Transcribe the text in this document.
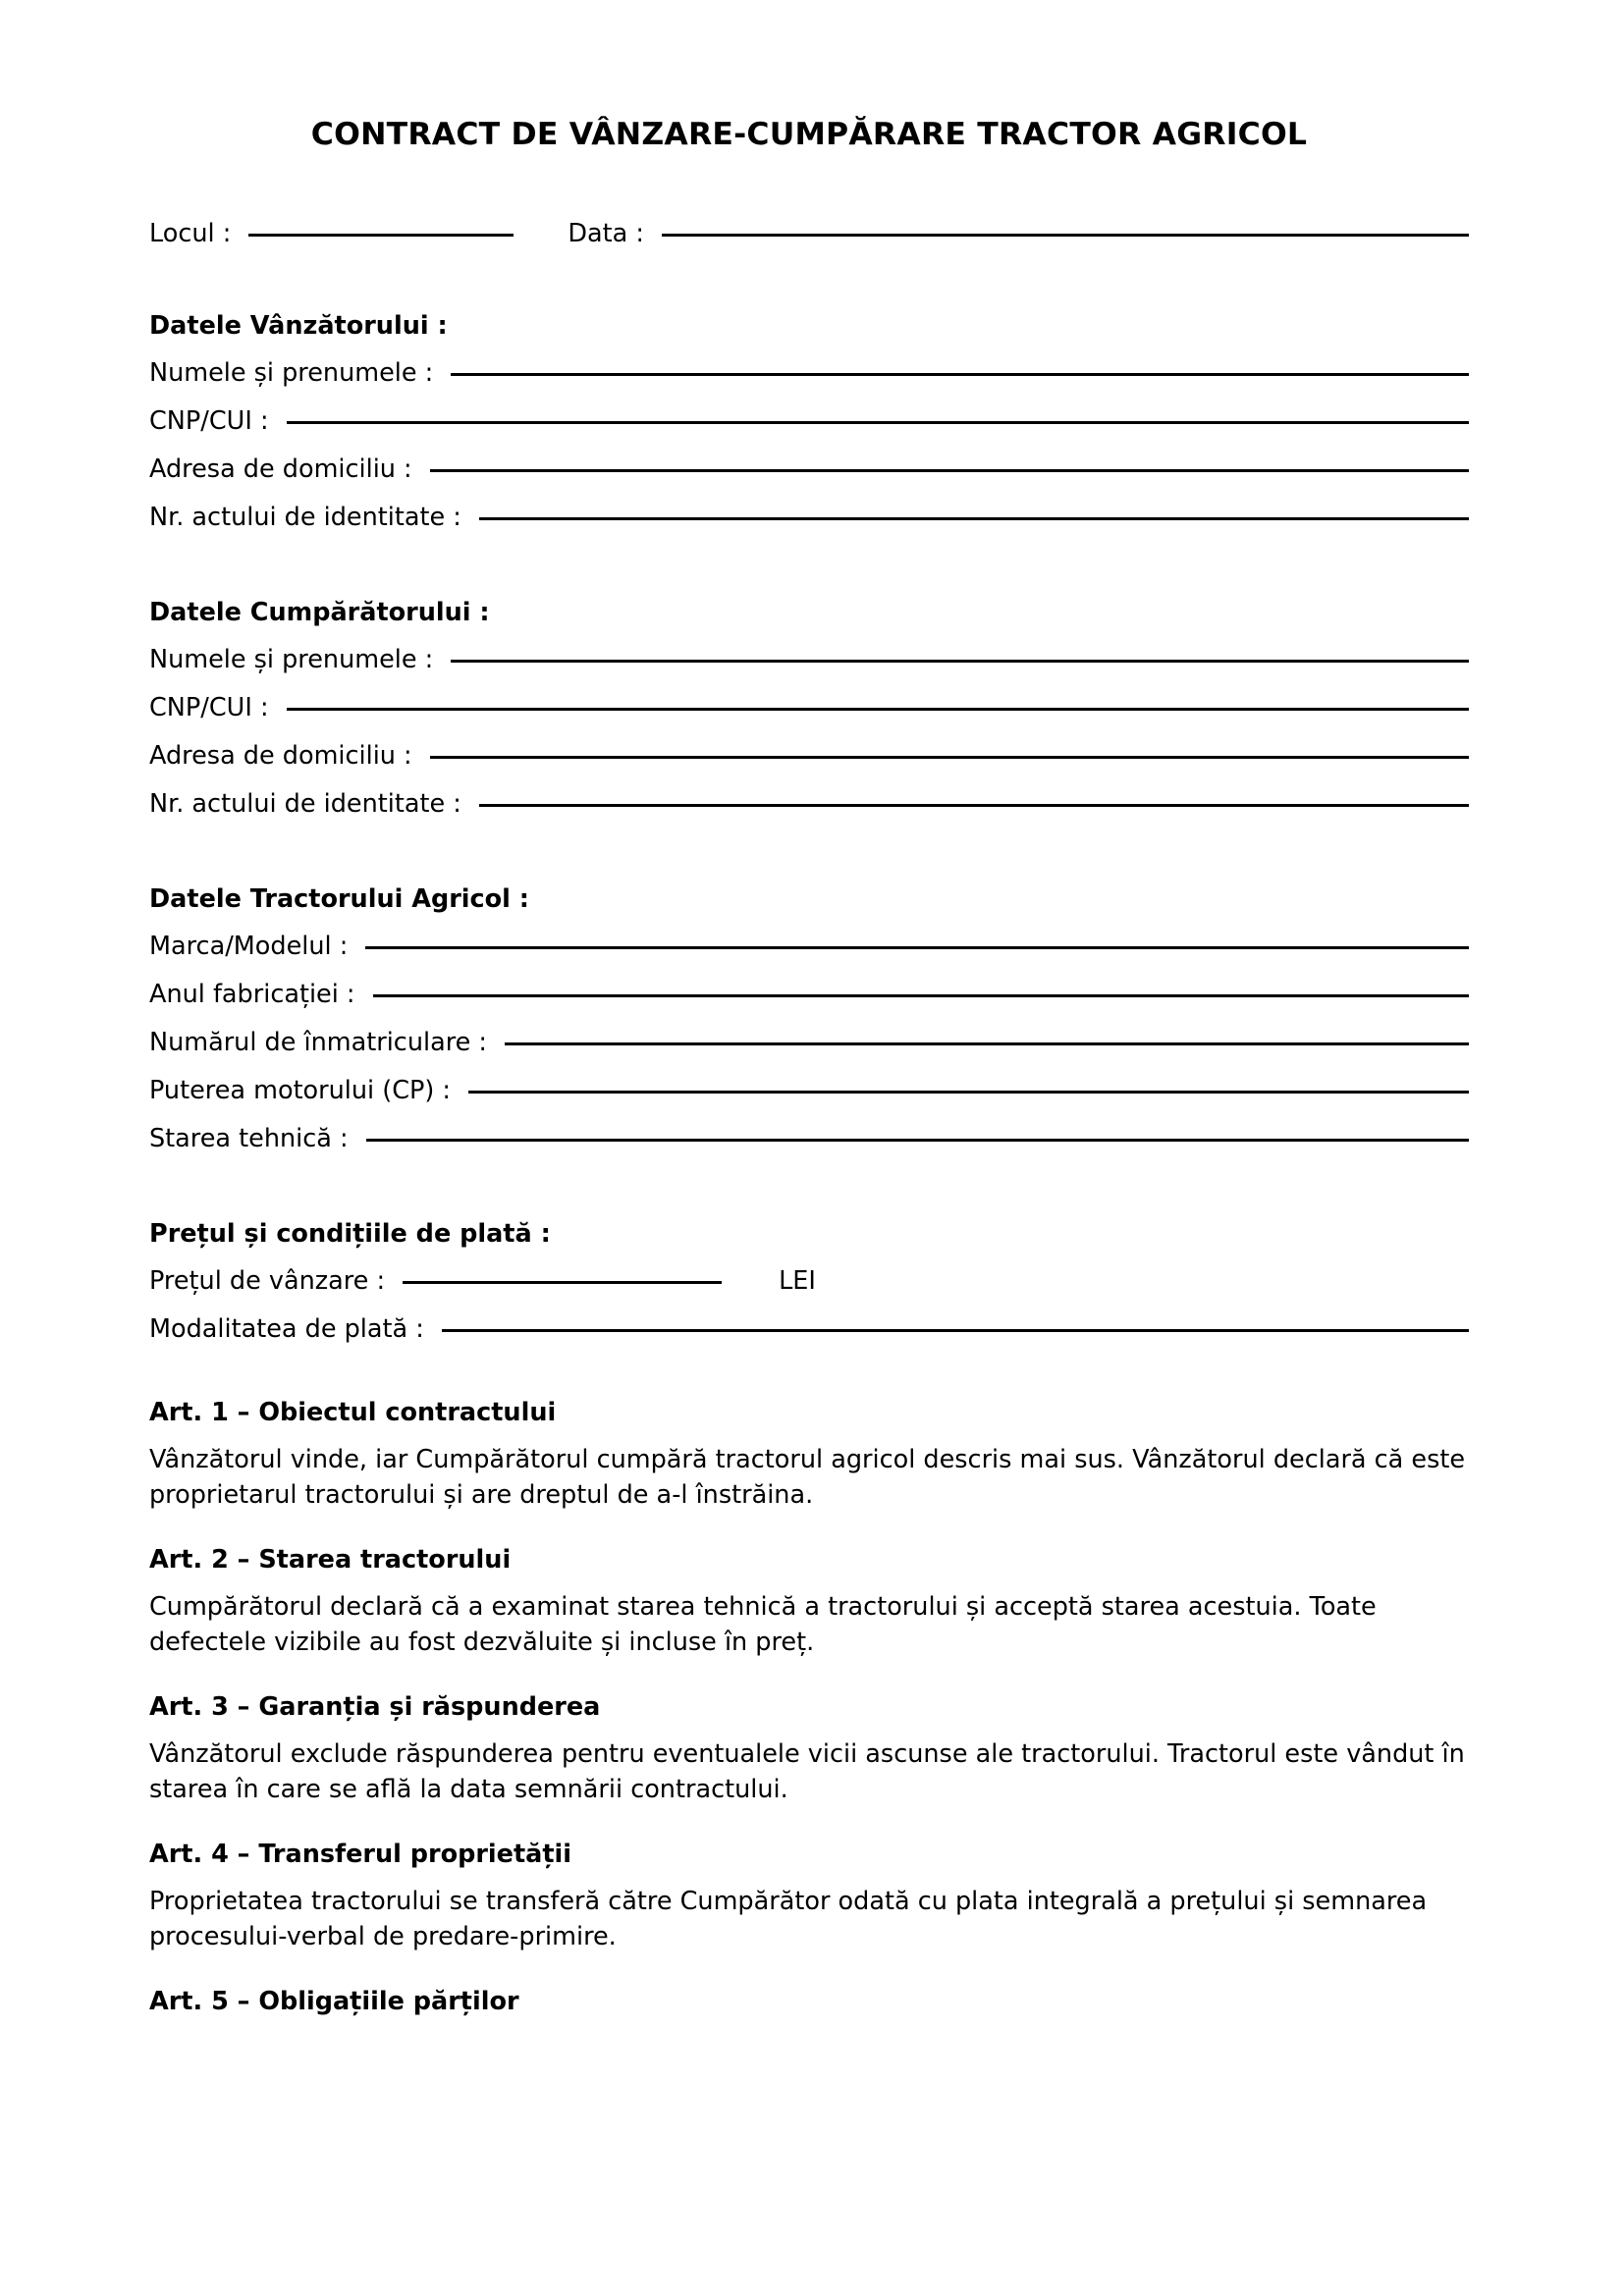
CONTRACT DE VÂNZARE-CUMPĂRARE TRACTOR AGRICOL
Locul :	Data :
Datele Vânzătorului :
Numele și prenumele :
CNP/CUI :
Adresa de domiciliu :
Nr. actului de identitate :
Datele Cumpărătorului :
Numele și prenumele :
CNP/CUI :
Adresa de domiciliu :
Nr. actului de identitate :
Datele Tractorului Agricol :
Marca/Modelul :
Anul fabricației :
Numărul de înmatriculare :
Puterea motorului (CP) :
Starea tehnică :
Prețul și condițiile de plată :
Prețul de vânzare :	LEI
Modalitatea de plată :
Art. 1 – Obiectul contractului

Vânzătorul vinde, iar Cumpărătorul cumpără tractorul agricol descris mai sus. Vânzătorul declară că este proprietarul tractorului și are dreptul de a-l înstrăina.

Art. 2 – Starea tractorului

Cumpărătorul declară că a examinat starea tehnică a tractorului și acceptă starea acestuia. Toate defectele vizibile au fost dezvăluite și incluse în preț.

Art. 3 – Garanția și răspunderea

Vânzătorul exclude răspunderea pentru eventualele vicii ascunse ale tractorului. Tractorul este vândut în starea în care se află la data semnării contractului.

Art. 4 – Transferul proprietății

Proprietatea tractorului se transferă către Cumpărător odată cu plata integrală a prețului și semnarea procesului-verbal de predare-primire.

Art. 5 – Obligațiile părților
